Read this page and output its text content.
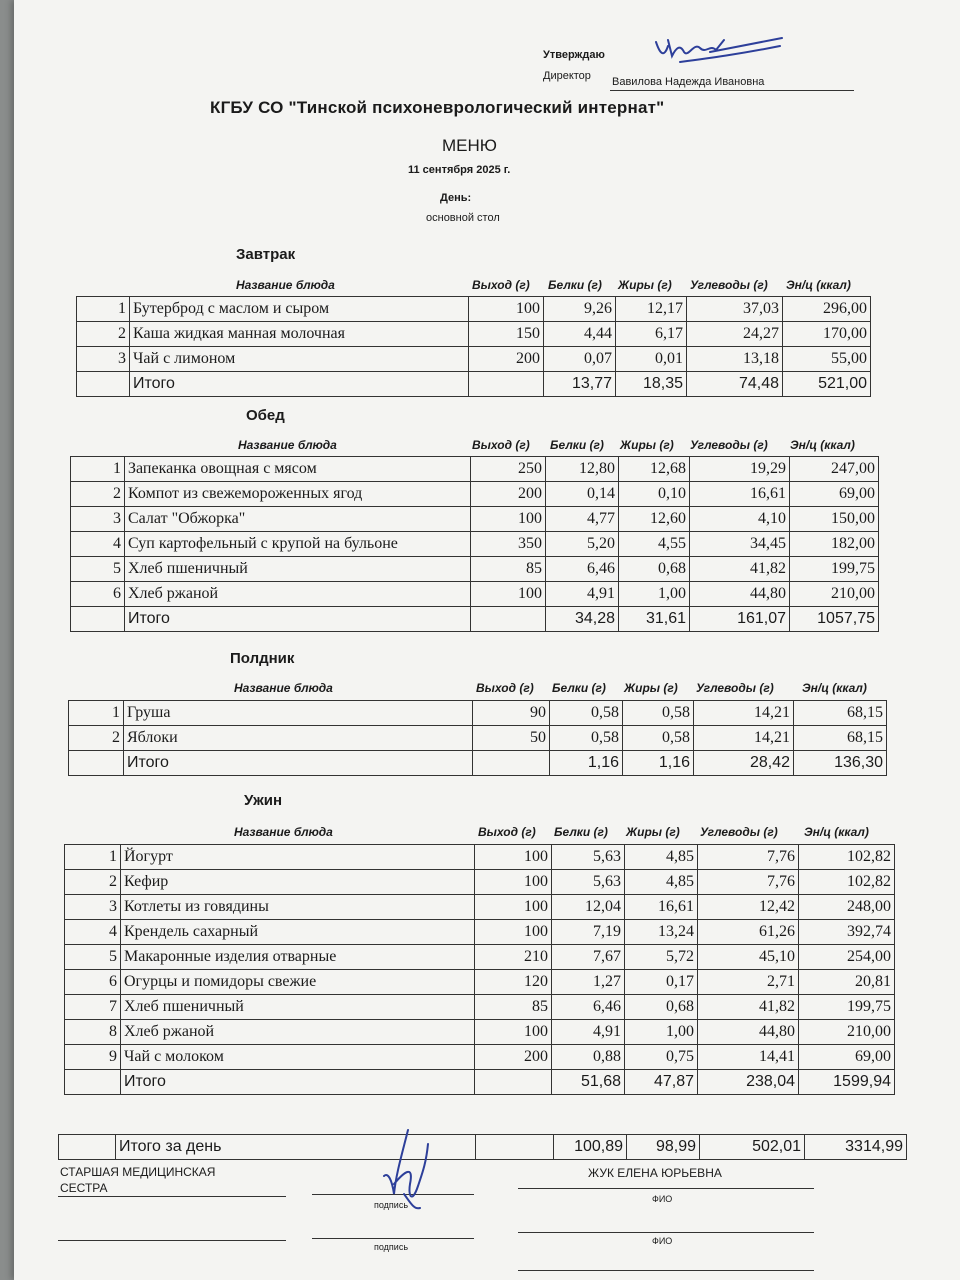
Утверждаю
Директор Вавилова Надежда Ивановна
КГБУ СО "Тинской психоневрологический интернат"
МЕНЮ
11 сентября 2025 г.
День:
основной стол
Завтрак
Название блюда	Выход (г) Белки (г) Жиры (г) Углеводы (г) Эн/ц (ккал)
1	Бутерброд с маслом и сыром	100	9,26	12,17	37,03	296,00
2	Каша жидкая манная молочная	150	4,44	6,17	24,27	170,00
3	Чай с лимоном	200	0,07	0,01	13,18	55,00
	Итого		13,77	18,35	74,48	521,00
Обед
Название блюда	Выход (г) Белки (г) Жиры (г) Углеводы (г) Эн/ц (ккал)
1	Запеканка овощная с мясом	250	12,80	12,68	19,29	247,00
2	Компот из свежемороженных ягод	200	0,14	0,10	16,61	69,00
3	Салат "Обжорка"	100	4,77	12,60	4,10	150,00
4	Суп картофельный с крупой на бульоне	350	5,20	4,55	34,45	182,00
5	Хлеб пшеничный	85	6,46	0,68	41,82	199,75
6	Хлеб ржаной	100	4,91	1,00	44,80	210,00
	Итого		34,28	31,61	161,07	1057,75
Полдник
Название блюда	Выход (г) Белки (г) Жиры (г) Углеводы (г) Эн/ц (ккал)
1	Груша	90	0,58	0,58	14,21	68,15
2	Яблоки	50	0,58	0,58	14,21	68,15
	Итого		1,16	1,16	28,42	136,30
Ужин
Название блюда	Выход (г) Белки (г) Жиры (г) Углеводы (г) Эн/ц (ккал)
1	Йогурт	100	5,63	4,85	7,76	102,82
2	Кефир	100	5,63	4,85	7,76	102,82
3	Котлеты из говядины	100	12,04	16,61	12,42	248,00
4	Крендель сахарный	100	7,19	13,24	61,26	392,74
5	Макаронные изделия отварные	210	7,67	5,72	45,10	254,00
6	Огурцы и помидоры свежие	120	1,27	0,17	2,71	20,81
7	Хлеб пшеничный	85	6,46	0,68	41,82	199,75
8	Хлеб ржаной	100	4,91	1,00	44,80	210,00
9	Чай с молоком	200	0,88	0,75	14,41	69,00
	Итого		51,68	47,87	238,04	1599,94
	Итого за день		100,89	98,99	502,01	3314,99
СТАРШАЯ МЕДИЦИНСКАЯ СЕСТРА
подпись
ЖУК ЕЛЕНА ЮРЬЕВНА
ФИО
подпись
ФИО
